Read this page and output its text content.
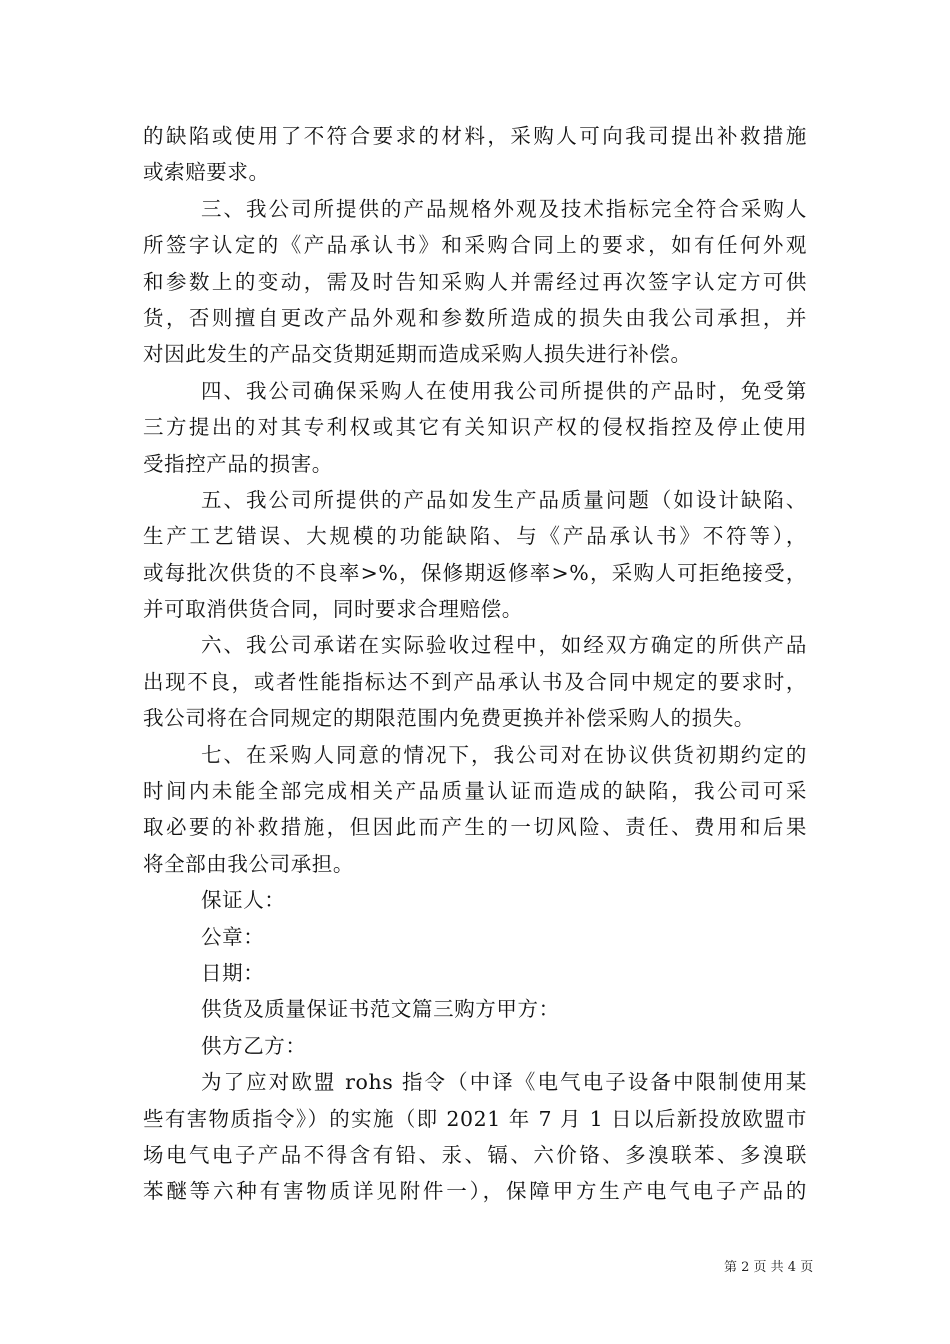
的缺陷或使用了不符合要求的材料，采购人可向我司提出补救措施
或索赔要求。
三、我公司所提供的产品规格外观及技术指标完全符合采购人
所签字认定的《产品承认书》和采购合同上的要求，如有任何外观
和参数上的变动，需及时告知采购人并需经过再次签字认定方可供
货，否则擅自更改产品外观和参数所造成的损失由我公司承担，并
对因此发生的产品交货期延期而造成采购人损失进行补偿。
四、我公司确保采购人在使用我公司所提供的产品时，免受第
三方提出的对其专利权或其它有关知识产权的侵权指控及停止使用
受指控产品的损害。
五、我公司所提供的产品如发生产品质量问题（如设计缺陷、
生产工艺错误、大规模的功能缺陷、与《产品承认书》不符等），
或每批次供货的不良率>%，保修期返修率>%，采购人可拒绝接受，
并可取消供货合同，同时要求合理赔偿。
六、我公司承诺在实际验收过程中，如经双方确定的所供产品
出现不良，或者性能指标达不到产品承认书及合同中规定的要求时，
我公司将在合同规定的期限范围内免费更换并补偿采购人的损失。
七、在采购人同意的情况下，我公司对在协议供货初期约定的
时间内未能全部完成相关产品质量认证而造成的缺陷，我公司可采
取必要的补救措施，但因此而产生的一切风险、责任、费用和后果
将全部由我公司承担。
保证人：
公章：
日期：
供货及质量保证书范文篇三购方甲方：
供方乙方：
为了应对欧盟 rohs 指令（中译《电气电子设备中限制使用某
些有害物质指令》）的实施（即 2021 年 7 月 1 日以后新投放欧盟市
场电气电子产品不得含有铅、汞、镉、六价铬、多溴联苯、多溴联
苯醚等六种有害物质详见附件一），保障甲方生产电气电子产品的
第 2 页 共 4 页
